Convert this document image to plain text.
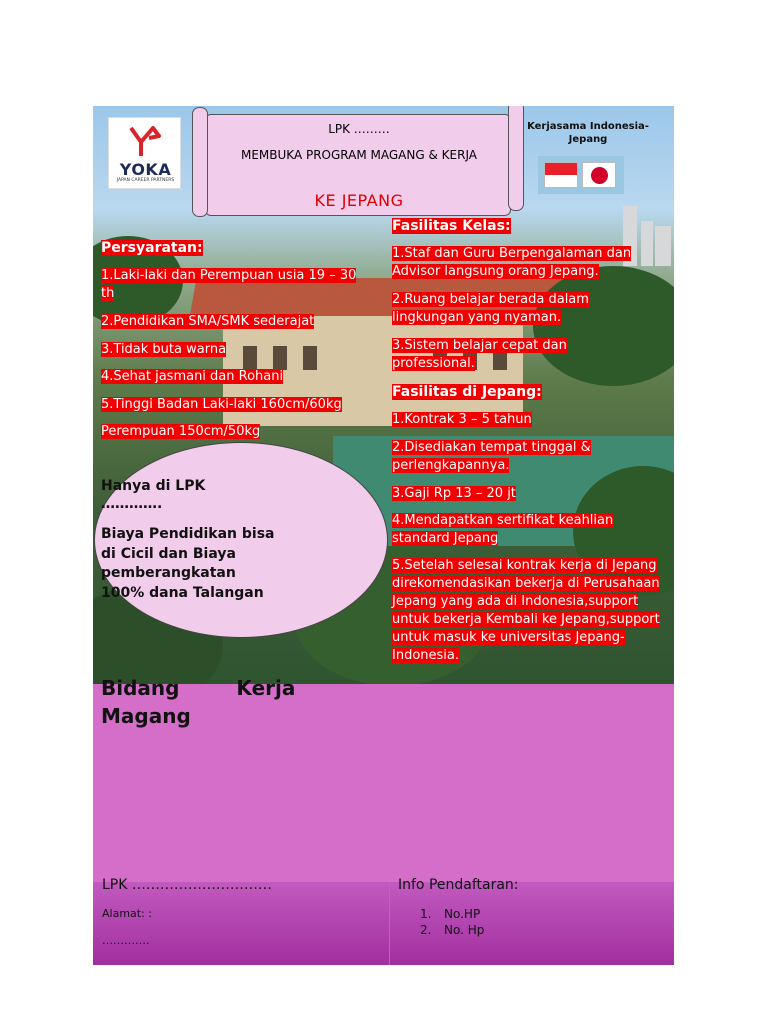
YOKA
JAPAN CAREER PARTNERS
LPK ………
MEMBUKA PROGRAM MAGANG & KERJA
KE JEPANG
Kerjasama Indonesia-Jepang
Persyaratan:
1.Laki-laki dan Perempuan usia 19 – 30 th
2.Pendidikan SMA/SMK sederajat
3.Tidak buta warna
4.Sehat jasmani dan Rohani
5.Tinggi Badan Laki-laki 160cm/60kg
Perempuan 150cm/50kg
Fasilitas Kelas:
1.Staf dan Guru Berpengalaman dan Advisor langsung orang Jepang.
2.Ruang belajar berada dalam lingkungan yang nyaman.
3.Sistem belajar cepat dan professional.
Fasilitas di Jepang:
1.Kontrak 3 – 5 tahun
2.Disediakan tempat tinggal & perlengkapannya.
3.Gaji Rp 13 – 20 jt
4.Mendapatkan sertifikat keahlian standard Jepang
5.Setelah selesai kontrak kerja di Jepang direkomendasikan bekerja di Perusahaan Jepang yang ada di Indonesia,support untuk bekerja Kembali ke Jepang,support untuk masuk ke universitas Jepang-Indonesia.
Hanya di LPK ………….
Biaya Pendidikan bisa di Cicil dan Biaya pemberangkatan 100% dana Talangan
Bidang Kerja Magang
LPK …………………………
Alamat: :
………….
Info Pendaftaran:
1. No.HP
2. No. Hp
